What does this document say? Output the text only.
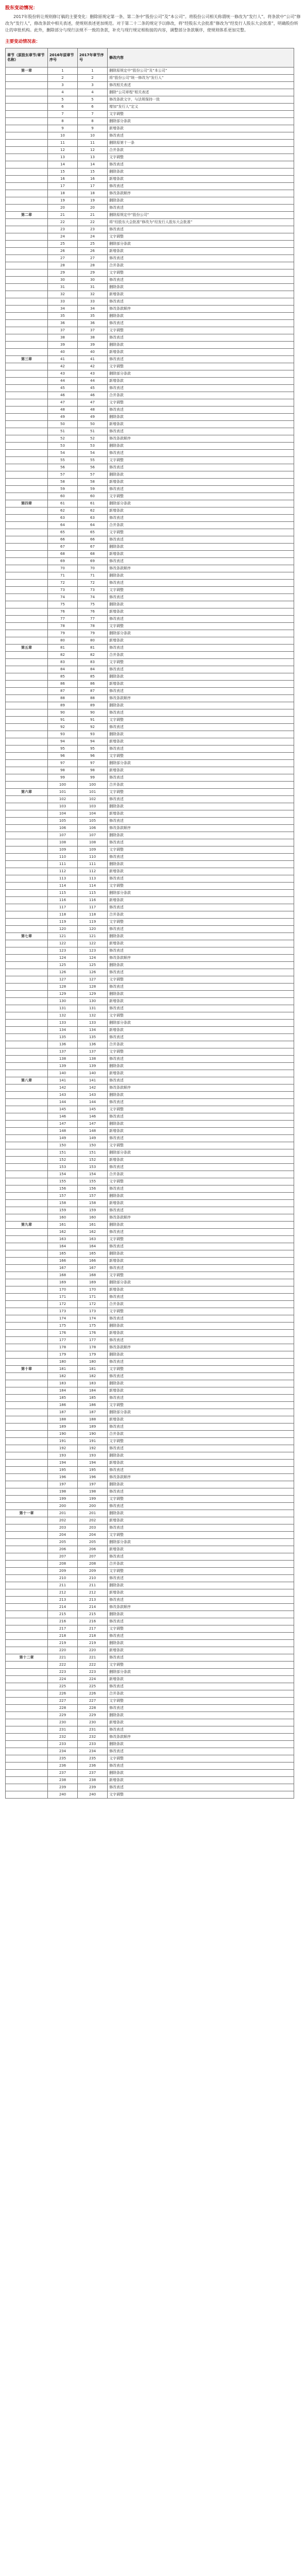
股东变动情况：

2017年股份转让规则修订稿的主要变化：删除原规定第一条、第二条中“股份公司”及“本公司”。将股份公司相关称谓统一修改为“发行人”。将条款中“公司”修改为“发行人”，修改条款中相关表述，使规则表述更加规范。对于第二十二条的规定予以修改，将“经股东大会批准”修改为“经发行人股东大会批准”，明确股份转让的审批机构。此外，删除部分与现行法规不一致的条款，补充与现行规定相衔接的内容，调整部分条款顺序，使规则体系更加完整。

主要变动情况表：
章节（原股东章节/章节名称）	2016年原章节序号	2017年章节序号	修改内容
第一章	1	1	删除原规定中“股份公司”及“本公司”
	2	2	将“股份公司”统一修改为“发行人”
	3	3	修改相关表述
	4	4	删除“公司章程”相关表述
	5	5	修改条款文字，与法规保持一致
	6	6	增加“发行人”定义
	7	7	文字调整
	8	8	删除部分条款
	9	9	新增条款
	10	10	修改表述
	11	11	删除原第十一条
	12	12	合并条款
	13	13	文字调整
	14	14	修改表述
	15	15	删除条款
	16	16	新增条款
	17	17	修改表述
	18	18	修改条款顺序
	19	19	删除条款
	20	20	修改表述
第二章	21	21	删除原规定中“股份公司”
	22	22	将“经股东大会批准”修改为“经发行人股东大会批准”
	23	23	修改表述
	24	24	文字调整
	25	25	删除部分条款
	26	26	新增条款
	27	27	修改表述
	28	28	合并条款
	29	29	文字调整
	30	30	修改表述
	31	31	删除条款
	32	32	新增条款
	33	33	修改表述
	34	34	修改条款顺序
	35	35	删除条款
	36	36	修改表述
	37	37	文字调整
	38	38	修改表述
	39	39	删除条款
	40	40	新增条款
第三章	41	41	修改表述
	42	42	文字调整
	43	43	删除部分条款
	44	44	新增条款
	45	45	修改表述
	46	46	合并条款
	47	47	文字调整
	48	48	修改表述
	49	49	删除条款
	50	50	新增条款
	51	51	修改表述
	52	52	修改条款顺序
	53	53	删除条款
	54	54	修改表述
	55	55	文字调整
	56	56	修改表述
	57	57	删除条款
	58	58	新增条款
	59	59	修改表述
	60	60	文字调整
第四章	61	61	删除部分条款
	62	62	新增条款
	63	63	修改表述
	64	64	合并条款
	65	65	文字调整
	66	66	修改表述
	67	67	删除条款
	68	68	新增条款
	69	69	修改表述
	70	70	修改条款顺序
	71	71	删除条款
	72	72	修改表述
	73	73	文字调整
	74	74	修改表述
	75	75	删除条款
	76	76	新增条款
	77	77	修改表述
	78	78	文字调整
	79	79	删除部分条款
	80	80	新增条款
第五章	81	81	修改表述
	82	82	合并条款
	83	83	文字调整
	84	84	修改表述
	85	85	删除条款
	86	86	新增条款
	87	87	修改表述
	88	88	修改条款顺序
	89	89	删除条款
	90	90	修改表述
	91	91	文字调整
	92	92	修改表述
	93	93	删除条款
	94	94	新增条款
	95	95	修改表述
	96	96	文字调整
	97	97	删除部分条款
	98	98	新增条款
	99	99	修改表述
	100	100	合并条款
第六章	101	101	文字调整
	102	102	修改表述
	103	103	删除条款
	104	104	新增条款
	105	105	修改表述
	106	106	修改条款顺序
	107	107	删除条款
	108	108	修改表述
	109	109	文字调整
	110	110	修改表述
	111	111	删除条款
	112	112	新增条款
	113	113	修改表述
	114	114	文字调整
	115	115	删除部分条款
	116	116	新增条款
	117	117	修改表述
	118	118	合并条款
	119	119	文字调整
	120	120	修改表述
第七章	121	121	删除条款
	122	122	新增条款
	123	123	修改表述
	124	124	修改条款顺序
	125	125	删除条款
	126	126	修改表述
	127	127	文字调整
	128	128	修改表述
	129	129	删除条款
	130	130	新增条款
	131	131	修改表述
	132	132	文字调整
	133	133	删除部分条款
	134	134	新增条款
	135	135	修改表述
	136	136	合并条款
	137	137	文字调整
	138	138	修改表述
	139	139	删除条款
	140	140	新增条款
第八章	141	141	修改表述
	142	142	修改条款顺序
	143	143	删除条款
	144	144	修改表述
	145	145	文字调整
	146	146	修改表述
	147	147	删除条款
	148	148	新增条款
	149	149	修改表述
	150	150	文字调整
	151	151	删除部分条款
	152	152	新增条款
	153	153	修改表述
	154	154	合并条款
	155	155	文字调整
	156	156	修改表述
	157	157	删除条款
	158	158	新增条款
	159	159	修改表述
	160	160	修改条款顺序
第九章	161	161	删除条款
	162	162	修改表述
	163	163	文字调整
	164	164	修改表述
	165	165	删除条款
	166	166	新增条款
	167	167	修改表述
	168	168	文字调整
	169	169	删除部分条款
	170	170	新增条款
	171	171	修改表述
	172	172	合并条款
	173	173	文字调整
	174	174	修改表述
	175	175	删除条款
	176	176	新增条款
	177	177	修改表述
	178	178	修改条款顺序
	179	179	删除条款
	180	180	修改表述
第十章	181	181	文字调整
	182	182	修改表述
	183	183	删除条款
	184	184	新增条款
	185	185	修改表述
	186	186	文字调整
	187	187	删除部分条款
	188	188	新增条款
	189	189	修改表述
	190	190	合并条款
	191	191	文字调整
	192	192	修改表述
	193	193	删除条款
	194	194	新增条款
	195	195	修改表述
	196	196	修改条款顺序
	197	197	删除条款
	198	198	修改表述
	199	199	文字调整
	200	200	修改表述
第十一章	201	201	删除条款
	202	202	新增条款
	203	203	修改表述
	204	204	文字调整
	205	205	删除部分条款
	206	206	新增条款
	207	207	修改表述
	208	208	合并条款
	209	209	文字调整
	210	210	修改表述
	211	211	删除条款
	212	212	新增条款
	213	213	修改表述
	214	214	修改条款顺序
	215	215	删除条款
	216	216	修改表述
	217	217	文字调整
	218	218	修改表述
	219	219	删除条款
	220	220	新增条款
第十二章	221	221	修改表述
	222	222	文字调整
	223	223	删除部分条款
	224	224	新增条款
	225	225	修改表述
	226	226	合并条款
	227	227	文字调整
	228	228	修改表述
	229	229	删除条款
	230	230	新增条款
	231	231	修改表述
	232	232	修改条款顺序
	233	233	删除条款
	234	234	修改表述
	235	235	文字调整
	236	236	修改表述
	237	237	删除条款
	238	238	新增条款
	239	239	修改表述
	240	240	文字调整
